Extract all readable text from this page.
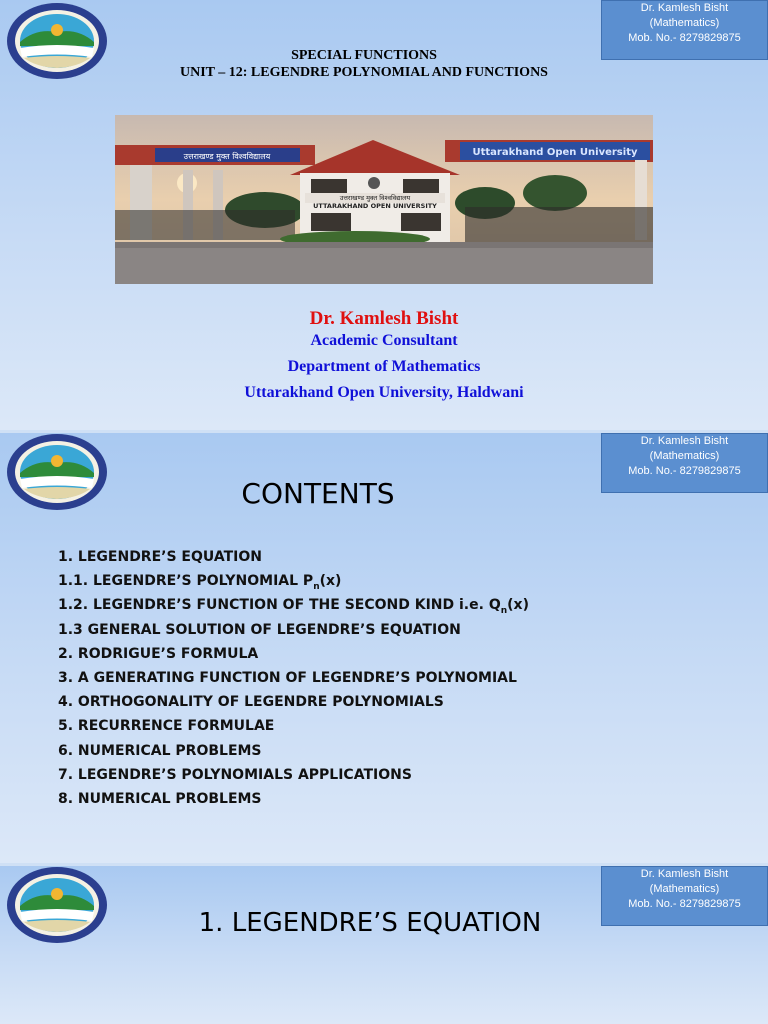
Dr. Kamlesh Bisht
(Mathematics)
Mob. No.- 8279829875
SPECIAL FUNCTIONS
UNIT – 12: LEGENDRE POLYNOMIAL AND FUNCTIONS
उत्तराखण्ड मुक्त विश्वविद्यालय	Uttarakhand Open University
उत्तराखण्ड मुक्त विश्वविद्यालय
UTTARAKHAND OPEN UNIVERSITY
Dr. Kamlesh Bisht
Academic Consultant
Department of Mathematics
Uttarakhand Open University, Haldwani
Dr. Kamlesh Bisht
(Mathematics)
Mob. No.- 8279829875
CONTENTS
1. LEGENDRE’S EQUATION
1.1. LEGENDRE’S POLYNOMIAL $P_n(x)$
1.2. LEGENDRE’S FUNCTION OF THE SECOND KIND i.e. $Q_n(x)$
1.3 GENERAL SOLUTION OF LEGENDRE’S EQUATION
2. RODRIGUE’S FORMULA
3. A GENERATING FUNCTION OF LEGENDRE’S POLYNOMIAL
4. ORTHOGONALITY OF LEGENDRE POLYNOMIALS
5. RECURRENCE FORMULAE
6. NUMERICAL PROBLEMS
7. LEGENDRE’S POLYNOMIALS APPLICATIONS
8. NUMERICAL PROBLEMS
Dr. Kamlesh Bisht
(Mathematics)
Mob. No.- 8279829875
1. LEGENDRE’S EQUATION
